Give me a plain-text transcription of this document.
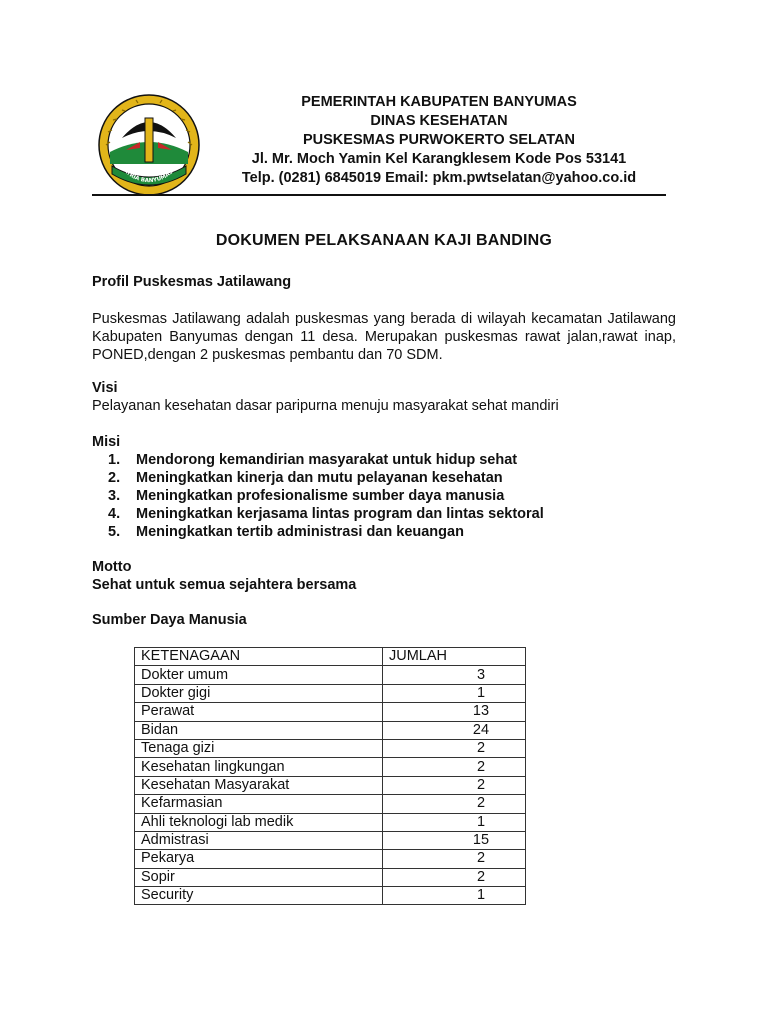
SATRIA BANYUMAS
PEMERINTAH KABUPATEN BANYUMAS
DINAS KESEHATAN
PUSKESMAS PURWOKERTO SELATAN
Jl. Mr. Moch Yamin Kel Karangklesem Kode Pos 53141
Telp. (0281) 6845019 Email: pkm.pwtselatan@yahoo.co.id
DOKUMEN PELAKSANAAN KAJI BANDING
Profil Puskesmas Jatilawang
Puskesmas Jatilawang adalah puskesmas yang berada di wilayah kecamatan Jatilawang Kabupaten Banyumas dengan 11 desa. Merupakan puskesmas rawat jalan,rawat inap, PONED,dengan 2 puskesmas pembantu dan 70 SDM.
Visi
Pelayanan kesehatan dasar paripurna menuju masyarakat sehat mandiri
Misi
1.	Mendorong kemandirian masyarakat untuk hidup sehat
2.	Meningkatkan kinerja dan mutu pelayanan kesehatan
3.	Meningkatkan profesionalisme sumber daya manusia
4.	Meningkatkan kerjasama lintas program dan lintas sektoral
5.	Meningkatkan tertib administrasi dan keuangan
Motto
Sehat untuk semua sejahtera bersama
Sumber Daya Manusia
KETENAGAAN	JUMLAH
Dokter umum	3
Dokter gigi	1
Perawat	13
Bidan	24
Tenaga gizi	2
Kesehatan lingkungan	2
Kesehatan Masyarakat	2
Kefarmasian	2
Ahli teknologi lab medik	1
Admistrasi	15
Pekarya	2
Sopir	2
Security	1
